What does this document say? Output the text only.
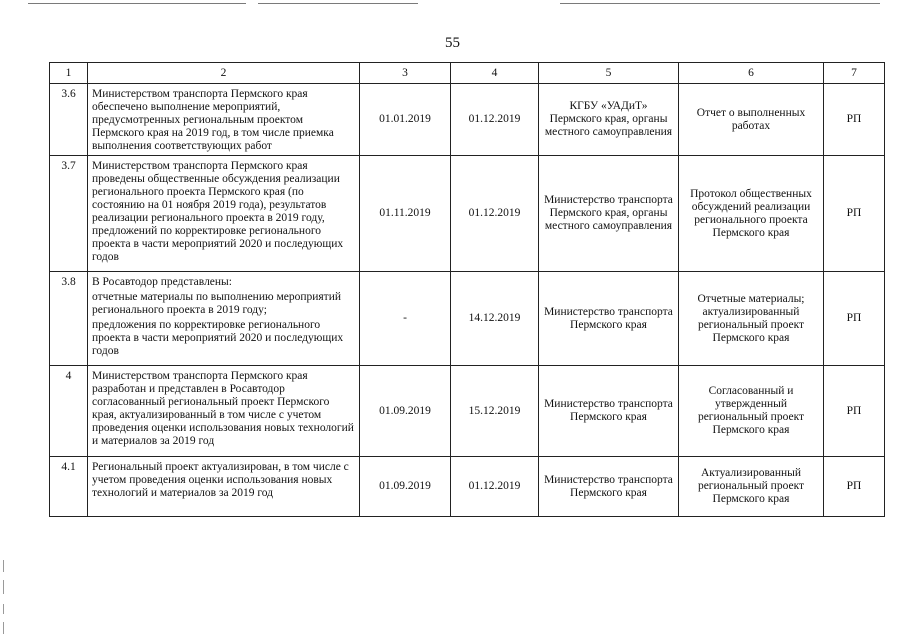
55
1	2	3	4	5	6	7
3.6	Министерством транспорта Пермского края обеспечено выполнение мероприятий, предусмотренных региональным проектом Пермского края на 2019 год, в том числе приемка выполнения соответствующих работ	01.01.2019	01.12.2019	КГБУ «УАДиТ» Пермского края, органы местного самоуправления	Отчет о выполненных работах	РП
3.7	Министерством транспорта Пермского края проведены общественные обсуждения реализации регионального проекта Пермского края (по состоянию на 01 ноября 2019 года), результатов реализации регионального проекта в 2019 году, предложений по корректировке регионального проекта в части мероприятий 2020 и последующих годов	01.11.2019	01.12.2019	Министерство транспорта Пермского края, органы местного самоуправления	Протокол общественных обсуждений реализации регионального проекта Пермского края	РП
3.8	В Росавтодор представлены:

отчетные материалы по выполнению мероприятий регионального проекта в 2019 году;

предложения по корректировке регионального проекта в части мероприятий 2020 и последующих годов	-	14.12.2019	Министерство транспорта Пермского края	Отчетные материалы; актуализированный региональный проект Пермского края	РП
4	Министерством транспорта Пермского края разработан и представлен в Росавтодор согласованный региональный проект Пермского края, актуализированный в том числе с учетом проведения оценки использования новых технологий и материалов за 2019 год	01.09.2019	15.12.2019	Министерство транспорта Пермского края	Согласованный и утвержденный региональный проект Пермского края	РП
4.1	Региональный проект актуализирован, в том числе с учетом проведения оценки использования новых технологий и материалов за 2019 год	01.09.2019	01.12.2019	Министерство транспорта Пермского края	Актуализированный региональный проект Пермского края	РП
